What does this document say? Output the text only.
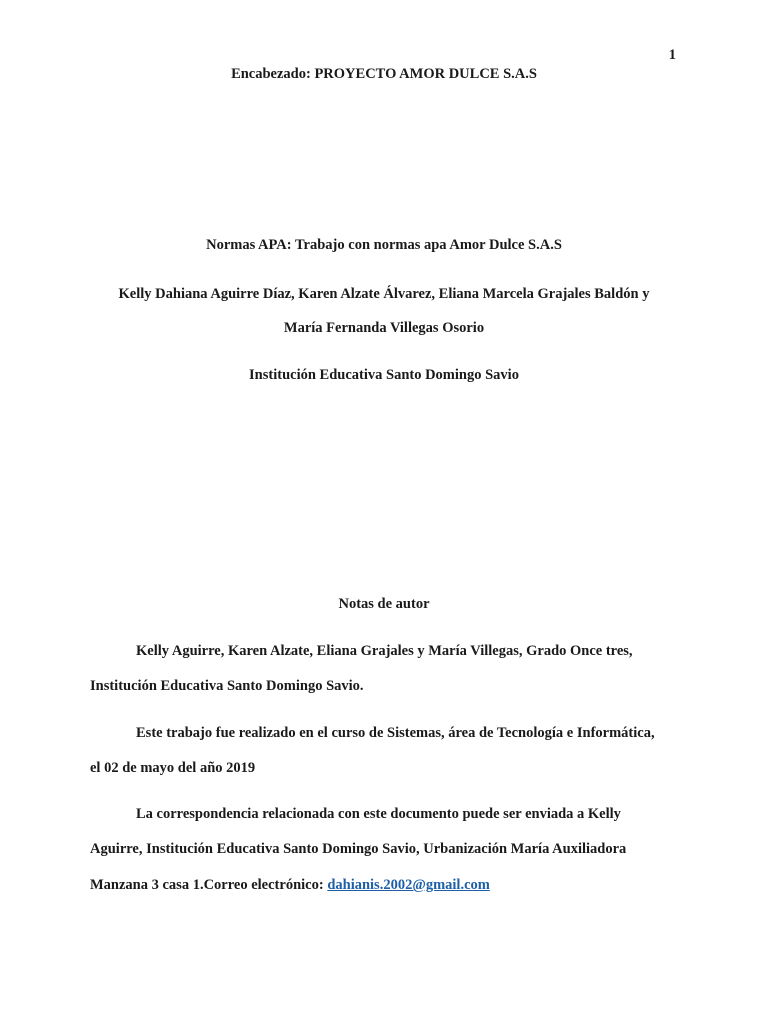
1
Encabezado: PROYECTO AMOR DULCE S.A.S
Normas APA: Trabajo con normas apa Amor Dulce S.A.S
Kelly Dahiana Aguirre Díaz, Karen Alzate Álvarez, Eliana Marcela Grajales Baldón y
María Fernanda Villegas Osorio
Institución Educativa Santo Domingo Savio
Notas de autor
Kelly Aguirre, Karen Alzate, Eliana Grajales y María Villegas, Grado Once tres,
Institución Educativa Santo Domingo Savio.
Este trabajo fue realizado en el curso de Sistemas, área de Tecnología e Informática,
el 02 de mayo del año 2019
La correspondencia relacionada con este documento puede ser enviada a Kelly
Aguirre, Institución Educativa Santo Domingo Savio, Urbanización María Auxiliadora
Manzana 3 casa 1.Correo electrónico: dahianis.2002@gmail.com
